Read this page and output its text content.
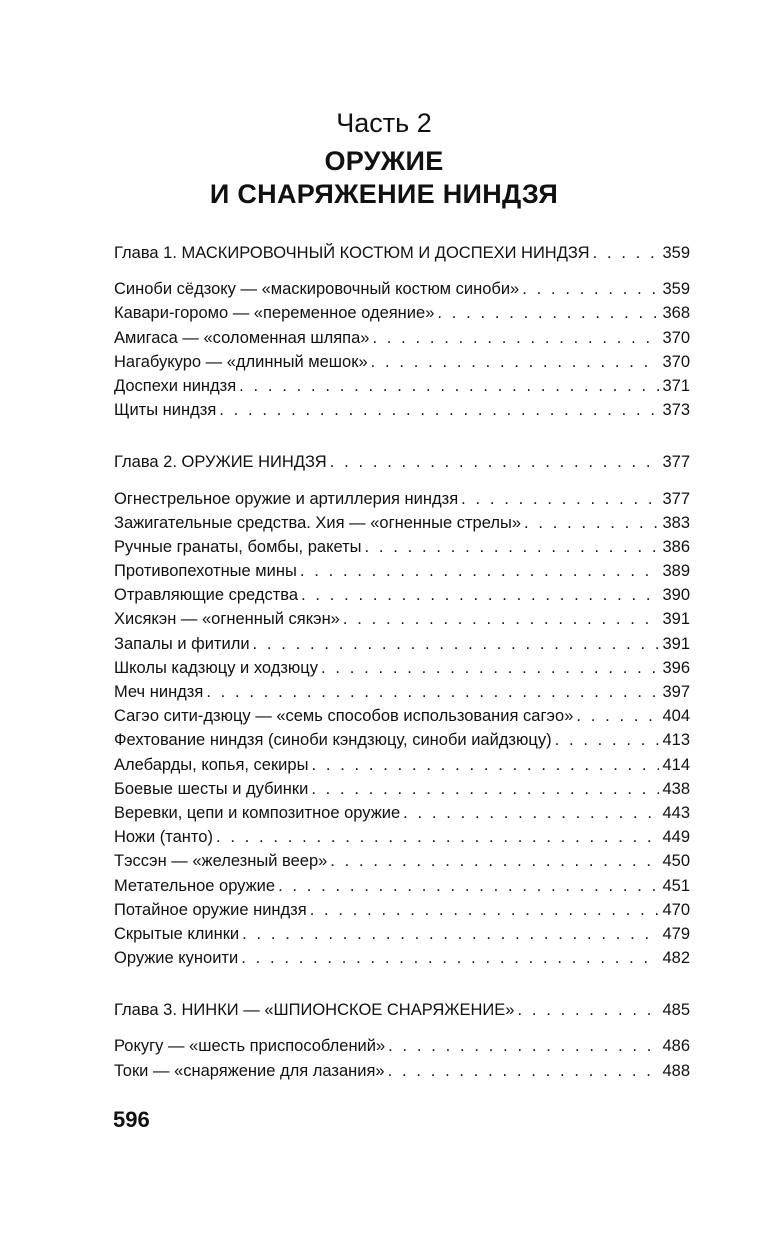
Часть 2
ОРУЖИЕ
И СНАРЯЖЕНИЕ НИНДЗЯ
Глава 1. МАСКИРОВОЧНЫЙ КОСТЮМ И ДОСПЕХИ НИНДЗЯ . . .	359
Синоби сёдзоку — «маскировочный костюм синоби» . . .	359
Кавари-горомо — «переменное одеяние» . . .	368
Амигаса — «соломенная шляпа» . . .	370
Нагабукуро — «длинный мешок» . . .	370
Доспехи ниндзя . . .	371
Щиты ниндзя . . .	373
Глава 2. ОРУЖИЕ НИНДЗЯ . . .	377
Огнестрельное оружие и артиллерия ниндзя . . .	377
Зажигательные средства. Хия — «огненные стрелы» . . .	383
Ручные гранаты, бомбы, ракеты . . .	386
Противопехотные мины . . .	389
Отравляющие средства . . .	390
Хисякэн — «огненный сякэн» . . .	391
Запалы и фитили . . .	391
Школы кадзюцу и ходзюцу . . .	396
Меч ниндзя . . .	397
Сагэо сити-дзюцу — «семь способов использования сагэо» . . .	404
Фехтование ниндзя (синоби кэндзюцу, синоби иайдзюцу) . . .	413
Алебарды, копья, секиры . . .	414
Боевые шесты и дубинки . . .	438
Веревки, цепи и композитное оружие . . .	443
Ножи (танто) . . .	449
Тэссэн — «железный веер» . . .	450
Метательное оружие . . .	451
Потайное оружие ниндзя . . .	470
Скрытые клинки . . .	479
Оружие куноити . . .	482
Глава 3. НИНКИ — «ШПИОНСКОЕ СНАРЯЖЕНИЕ» . . .	485
Рокугу — «шесть приспособлений» . . .	486
Токи — «снаряжение для лазания» . . .	488
596
